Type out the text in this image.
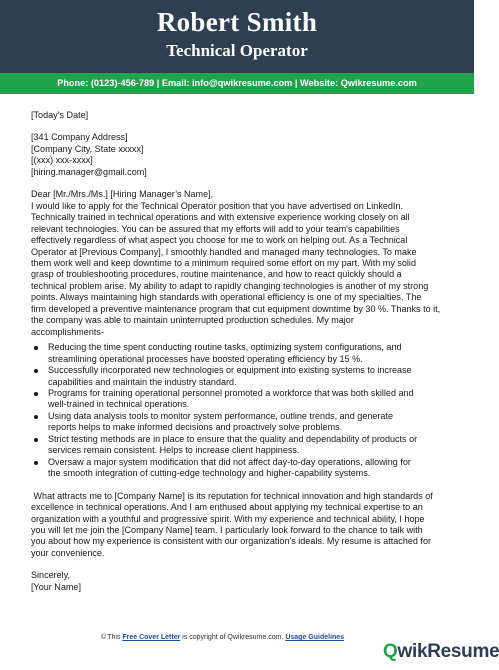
Robert Smith
Technical Operator
Phone: (0123)-456-789 | Email: info@qwikresume.com | Website: Qwikresume.com
[Today’s Date]
[341 Company Address]
[Company City, State xxxxx]
[(xxx) xxx-xxxx]
[hiring.manager@gmail.com]
Dear [Mr./Mrs./Ms.] [Hiring Manager’s Name],
I would like to apply for the Technical Operator position that you have advertised on LinkedIn.
Technically trained in technical operations and with extensive experience working closely on all
relevant technologies. You can be assured that my efforts will add to your team's capabilities
effectively regardless of what aspect you choose for me to work on helping out. As a Technical
Operator at [Previous Company], I smoothly handled and managed many technologies. To make
them work well and keep downtime to a minimum required some effort on my part. With my solid
grasp of troubleshooting procedures, routine maintenance, and how to react quickly should a
technical problem arise. My ability to adapt to rapidly changing technologies is another of my strong
points. Always maintaining high standards with operational efficiency is one of my specialties. The
firm developed a preventive maintenance program that cut equipment downtime by 30 %. Thanks to it,
the company was able to maintain uninterrupted production schedules. My major
accomplishments-
Reducing the time spent conducting routine tasks, optimizing system configurations, and
streamlining operational processes have boosted operating efficiency by 15 %.
Successfully incorporated new technologies or equipment into existing systems to increase
capabilities and maintain the industry standard.
Programs for training operational personnel promoted a workforce that was both skilled and
well-trained in technical operations.
Using data analysis tools to monitor system performance, outline trends, and generate
reports helps to make informed decisions and proactively solve problems.
Strict testing methods are in place to ensure that the quality and dependability of products or
services remain consistent. Helps to increase client happiness.
Oversaw a major system modification that did not affect day-to-day operations, allowing for
the smooth integration of cutting-edge technology and higher-capability systems.
What attracts me to [Company Name] is its reputation for technical innovation and high standards of
excellence in technical operations. And I am enthused about applying my technical expertise to an
organization with a youthful and progressive spirit. With my experience and technical ability, I hope
you will let me join the [Company Name] team. I particularly look forward to the chance to talk with
you about how my experience is consistent with our organization's ideals. My resume is attached for
your convenience.
Sincerely,
[Your Name]
©This Free Cover Letter is copyright of Qwikresume.com. Usage Guidelines
QwikResume
